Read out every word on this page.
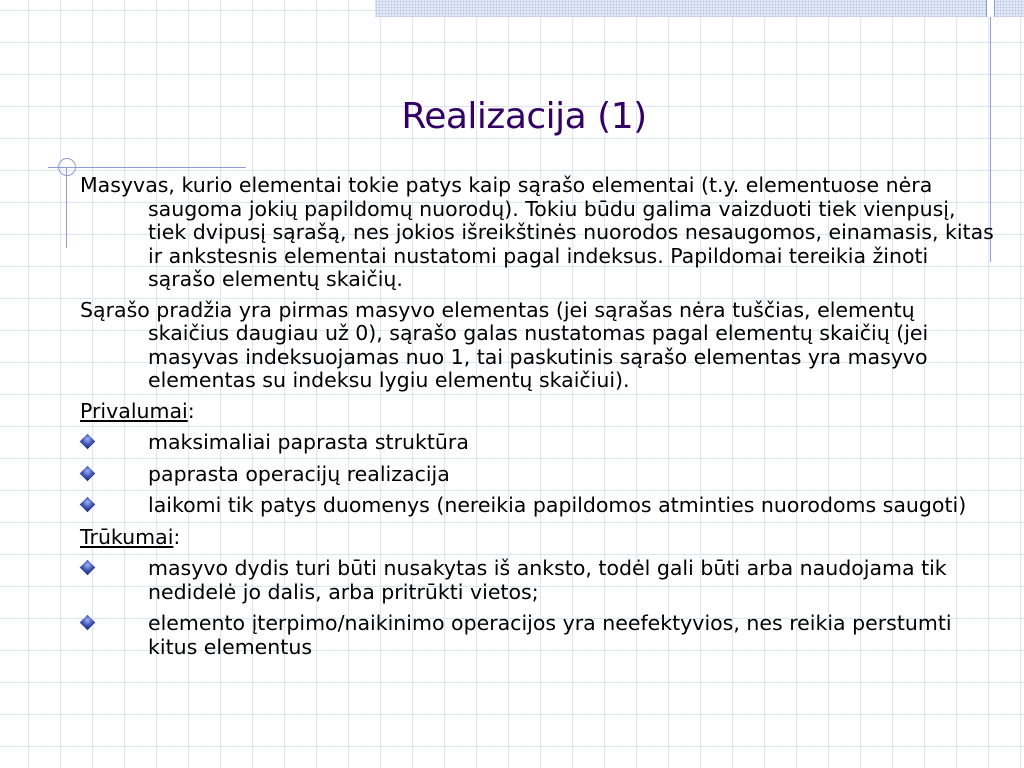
Realizacija (1)

Masyvas, kurio elementai tokie patys kaip sąrašo elementai (t.y. elementuose nėra saugoma jokių papildomų nuorodų). Tokiu būdu galima vaizduoti tiek vienpusį, tiek dvipusį sąrašą, nes jokios išreikštinės nuorodos nesaugomos, einamasis, kitas ir ankstesnis elementai nustatomi pagal indeksus. Papildomai tereikia žinoti sąrašo elementų skaičių.

Sąrašo pradžia yra pirmas masyvo elementas (jei sąrašas nėra tuščias, elementų skaičius daugiau už 0), sąrašo galas nustatomas pagal elementų skaičių (jei masyvas indeksuojamas nuo 1, tai paskutinis sąrašo elementas yra masyvo elementas su indeksu lygiu elementų skaičiui).

Privalumai:
maksimaliai paprasta struktūra
paprasta operacijų realizacija
laikomi tik patys duomenys (nereikia papildomos atminties nuorodoms saugoti)
Trūkumai:
masyvo dydis turi būti nusakytas iš anksto, todėl gali būti arba naudojama tik nedidelė jo dalis, arba pritrūkti vietos;
elemento įterpimo/naikinimo operacijos yra neefektyvios, nes reikia perstumti kitus elementus
